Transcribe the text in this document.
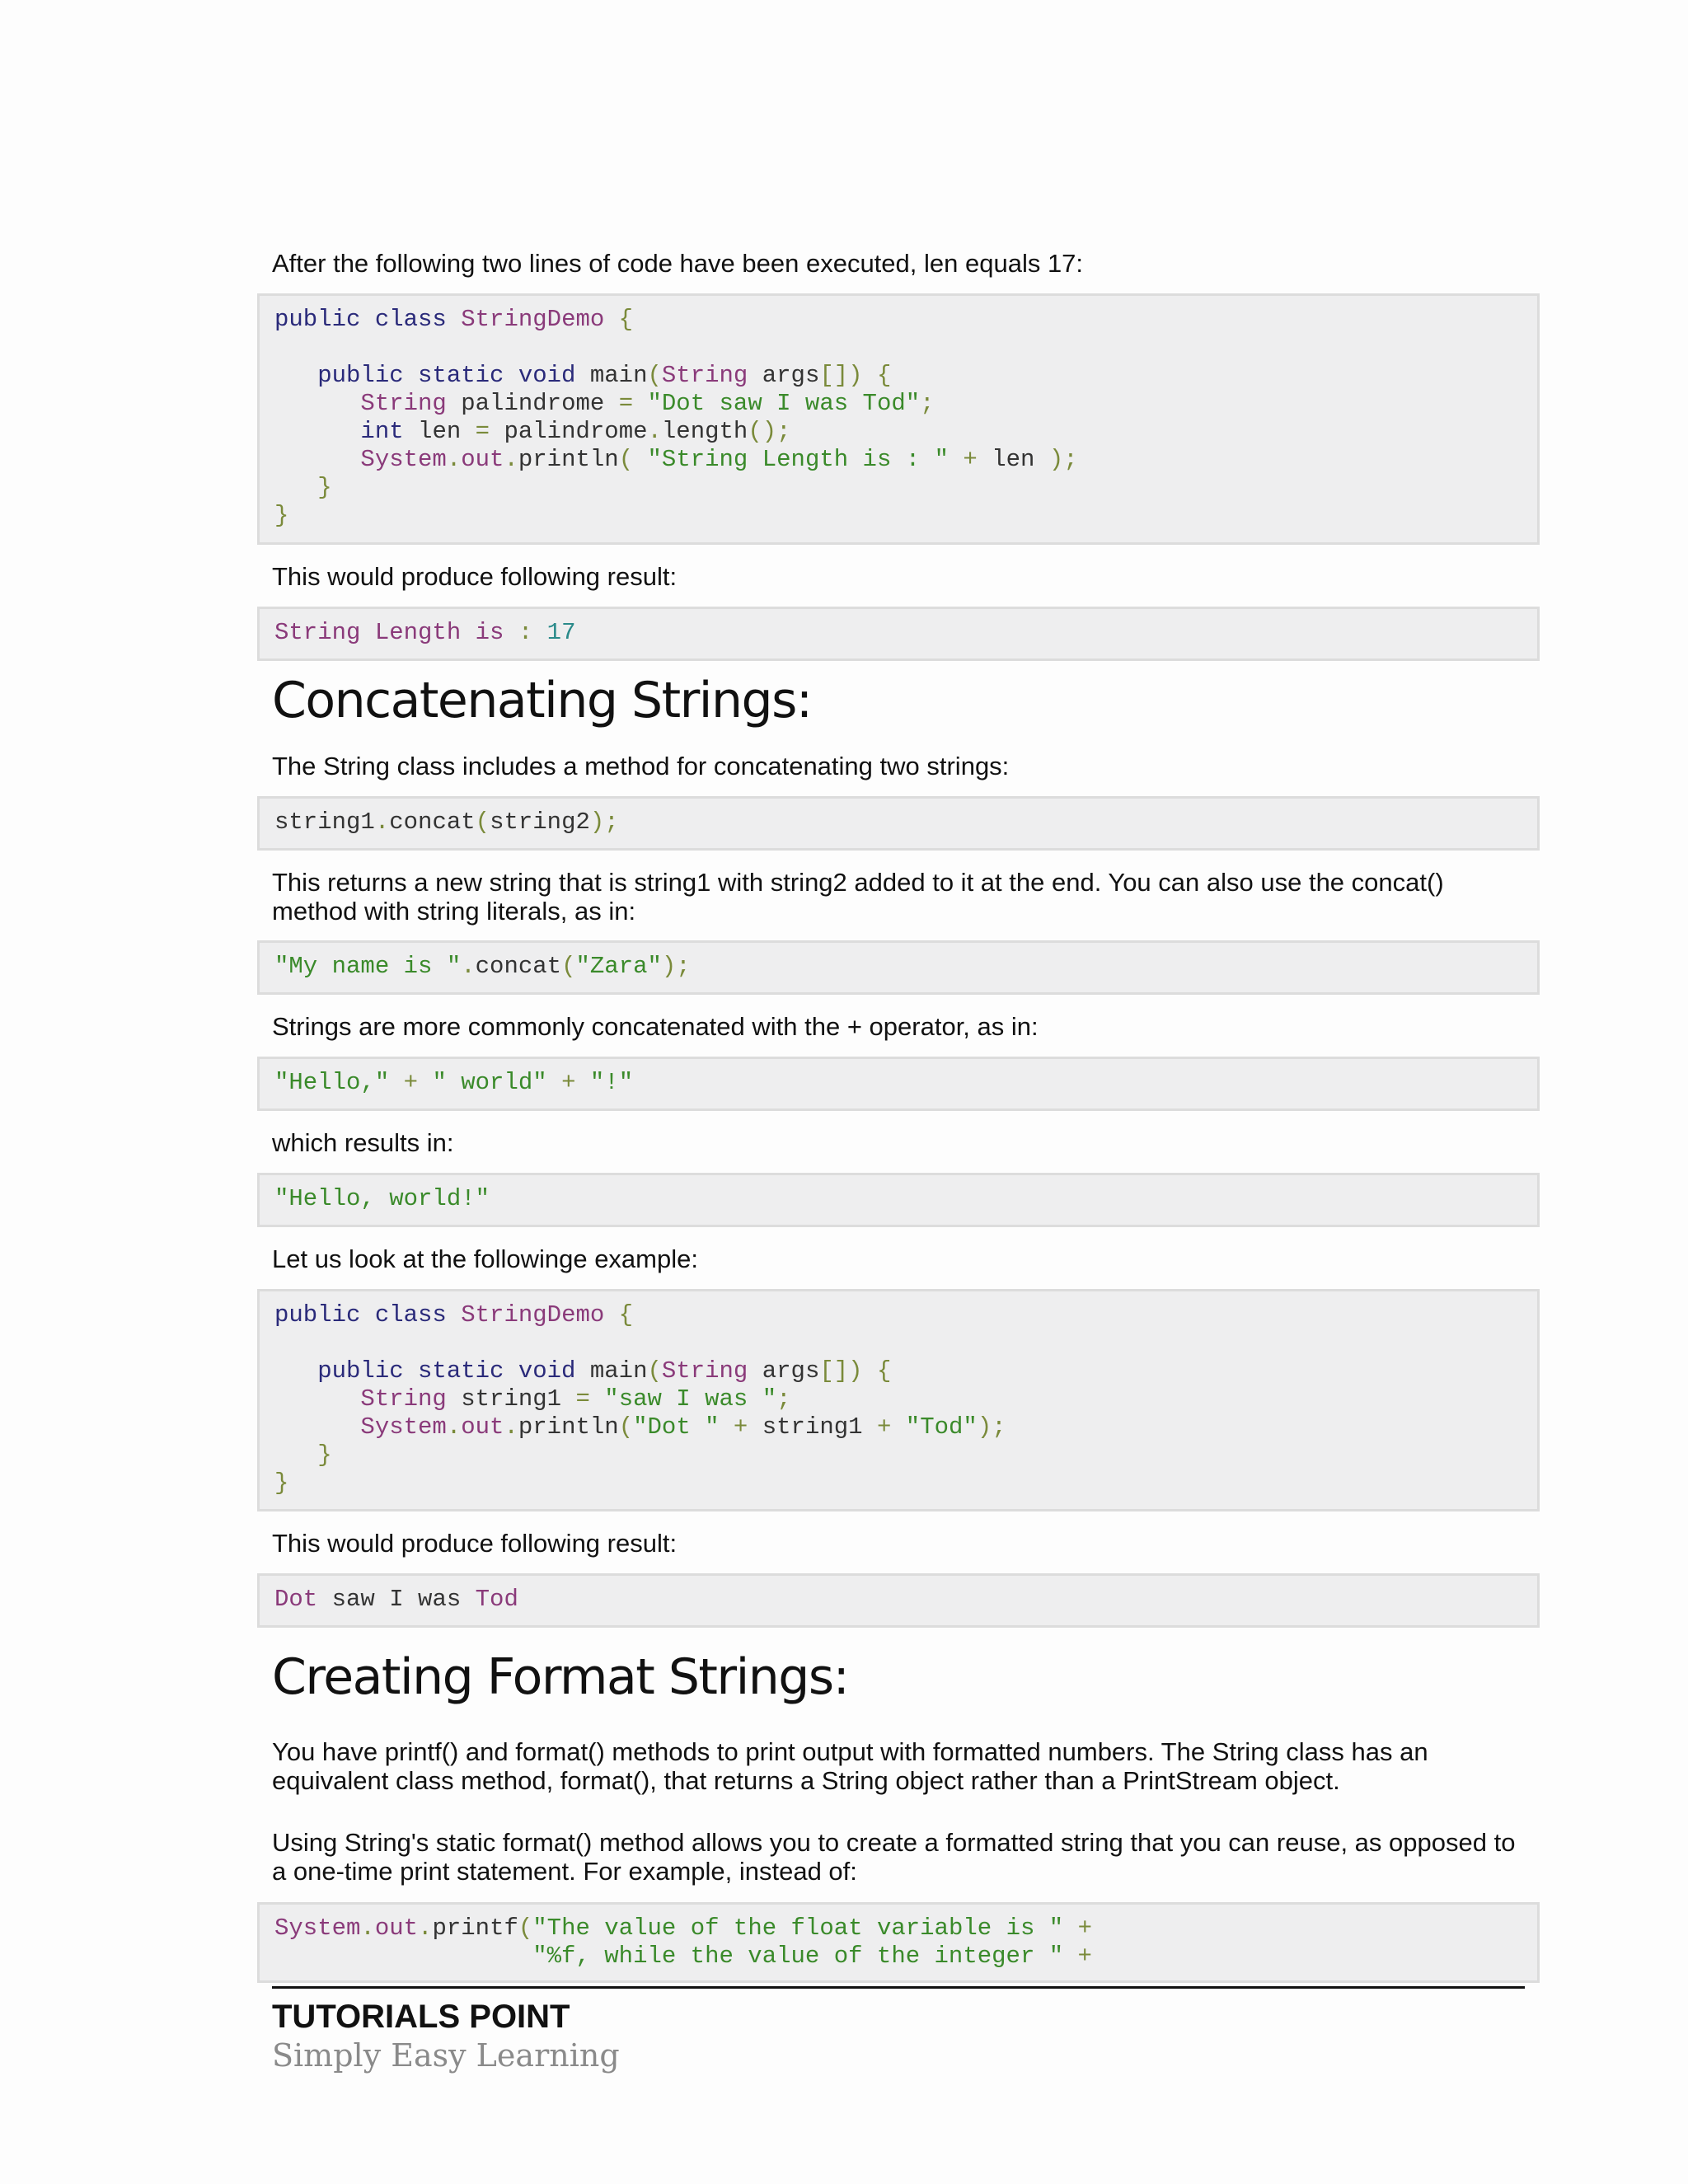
After the following two lines of code have been executed, len equals 17:

public class StringDemo {

public static void main(String args[]) {
String palindrome = "Dot saw I was Tod";
int len = palindrome.length();
System.out.println( "String Length is : " + len );
}
}

This would produce following result:

String Length is : 17
Concatenating Strings:

The String class includes a method for concatenating two strings:

string1.concat(string2);

This returns a new string that is string1 with string2 added to it at the end. You can also use the concat() method with string literals, as in:

"My name is ".concat("Zara");

Strings are more commonly concatenated with the + operator, as in:

"Hello," + " world" + "!"

which results in:

"Hello, world!"

Let us look at the followinge example:

public class StringDemo {

public static void main(String args[]) {
String string1 = "saw I was ";
System.out.println("Dot " + string1 + "Tod");
}
}

This would produce following result:

Dot saw I was Tod
Creating Format Strings:

You have printf() and format() methods to print output with formatted numbers. The String class has an equivalent class method, format(), that returns a String object rather than a PrintStream object.

Using String's static format() method allows you to create a formatted string that you can reuse, as opposed to a one-time print statement. For example, instead of:

System.out.printf("The value of the float variable is " +
"%f, while the value of the integer " +
TUTORIALS POINT
Simply Easy Learning
